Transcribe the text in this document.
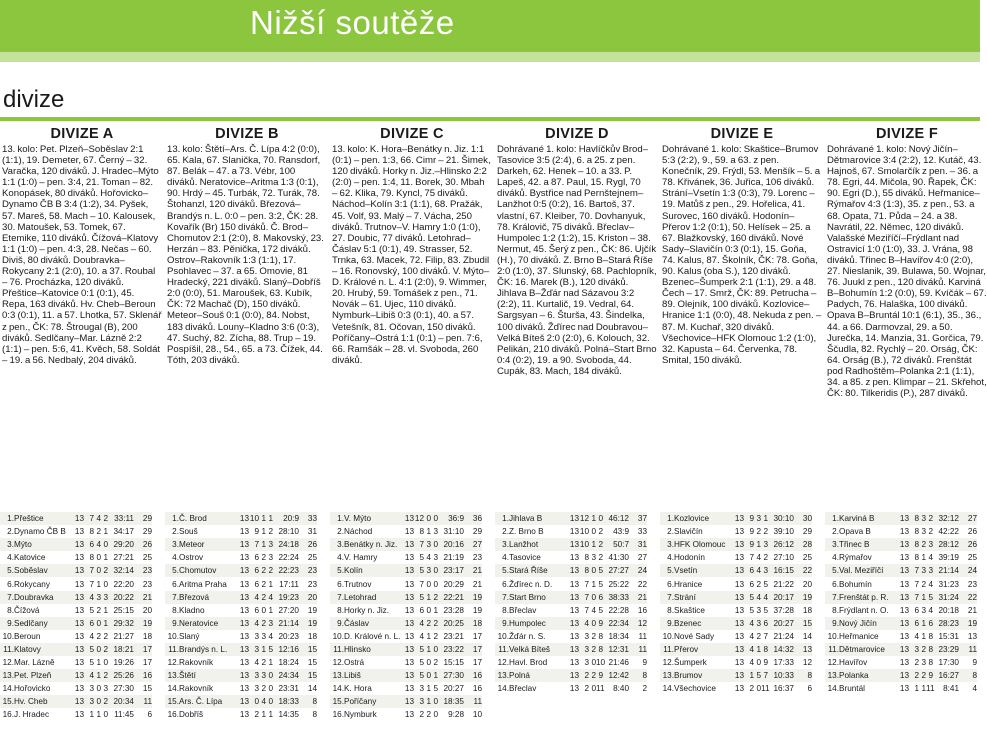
Nižší soutěže
divize
DIVIZE A

13. kolo: Pet. Plzeň–Soběslav 2:1 (1:1), 19. Demeter, 67. Černý – 32. Varačka, 120 diváků. J. Hradec–Mýto 1:1 (1:0) – pen. 3:4, 21. Toman – 82. Konopásek, 80 diváků. Hořovicko–Dynamo ČB B 3:4 (1:2), 34. Pyšek, 57. Mareš, 58. Mach – 10. Kalousek, 30. Matoušek, 53. Tomek, 67. Etemike, 110 diváků. Čížová–Klatovy 1:1 (1:0) – pen. 4:3, 28. Nečas – 60. Diviš, 80 diváků. Doubravka–Rokycany 2:1 (2:0), 10. a 37. Roubal – 76. Procházka, 120 diváků. Přeštice–Katovice 0:1 (0:1), 45. Repa, 163 diváků. Hv. Cheb–Beroun 0:3 (0:1), 11. a 57. Lhotka, 57. Sklenář z pen., ČK: 78. Štrougal (B), 200 diváků. Sedlčany–Mar. Lázně 2:2 (1:1) – pen. 5:6, 41. Kvěch, 58. Soldát – 19. a 56. Nedbalý, 204 diváků.

DIVIZE B

13. kolo: Štětí–Ars. Č. Lípa 4:2 (0:0), 65. Kala, 67. Slanička, 70. Ransdorf, 87. Belák – 47. a 73. Vébr, 100 diváků. Neratovice–Aritma 1:3 (0:1), 90. Hrdý – 45. Turbák, 72. Turák, 78. Štohanzl, 120 diváků. Březová–Brandýs n. L. 0:0 – pen. 3:2, ČK: 28. Kovařík (Br) 150 diváků. Č. Brod–Chomutov 2:1 (2:0), 8. Makovský, 23. Herzán – 83. Pěnička, 172 diváků. Ostrov–Rakovník 1:3 (1:1), 17. Psohlavec – 37. a 65. Omovie, 81 Hradecký, 221 diváků. Slaný–Dobříš 2:0 (0:0), 51. Maroušek, 63. Kubík, ČK: 72 Machač (D), 150 diváků. Meteor–Souš 0:1 (0:0), 84. Nobst, 183 diváků. Louny–Kladno 3:6 (0:3), 47. Suchý, 82. Zícha, 88. Trup – 19. Pospíšil, 28., 54., 65. a 73. Čížek, 44. Tóth, 203 diváků.

DIVIZE C

13. kolo: K. Hora–Benátky n. Jiz. 1:1 (0:1) – pen. 1:3, 66. Cimr – 21. Šimek, 120 diváků. Horky n. Jiz.–Hlinsko 2:2 (2:0) – pen. 1:4, 11. Borek, 30. Mbah – 62. Klika, 79. Kyncl, 75 diváků. Náchod–Kolín 3:1 (1:1), 68. Pražák, 45. Volf, 93. Malý – 7. Vácha, 250 diváků. Trutnov–V. Hamry 1:0 (1:0), 27. Doubic, 77 diváků. Letohrad–Čáslav 5:1 (0:1), 49. Strasser, 52. Trnka, 63. Macek, 72. Filip, 83. Zbudil – 16. Ronovský, 100 diváků. V. Mýto–D. Králové n. L. 4:1 (2:0), 9. Wimmer, 20. Hrubý, 59. Tomášek z pen., 71. Novák – 61. Ujec, 110 diváků. Nymburk–Libiš 0:3 (0:1), 40. a 57. Vetešník, 81. Očovan, 150 diváků. Poříčany–Ostrá 1:1 (0:1) – pen. 7:6, 66. Ramšák – 28. vl. Svoboda, 260 diváků.

DIVIZE D

Dohrávané 1. kolo: Havlíčkův Brod–Tasovice 3:5 (2:4), 6. a 25. z pen. Darkeh, 62. Henek – 10. a 33. P. Lapeš, 42. a 87. Paul, 15. Rygl, 70 diváků. Bystřice nad Pernštejnem–Lanžhot 0:5 (0:2), 16. Bartoš, 37. vlastní, 67. Kleiber, 70. Dovhanyuk, 78. Královič, 75 diváků. Břeclav–Humpolec 1:2 (1:2), 15. Kriston – 38. Nermut, 45. Šerý z pen., ČK: 86. Ujčík (H.), 70 diváků. Z. Brno B–Stará Říše 2:0 (1:0), 37. Slunský, 68. Pachlopník, ČK: 16. Marek (B.), 120 diváků. Jihlava B–Žďár nad Sázavou 3:2 (2:2), 11. Kurtalič, 19. Vedral, 64. Sargsyan – 6. Šturša, 43. Šindelka, 100 diváků. Žďírec nad Doubravou–Velká Bíteš 2:0 (2:0), 6. Kolouch, 32. Pelikán, 210 diváků. Polná–Start Brno 0:4 (0:2), 19. a 90. Svoboda, 44. Cupák, 83. Mach, 184 diváků.

DIVIZE E

Dohrávané 1. kolo: Skaštice–Brumov 5:3 (2:2), 9., 59. a 63. z pen. Konečník, 29. Frýdl, 53. Menšík – 5. a 78. Křivánek, 36. Juřica, 106 diváků. Strání–Vsetín 1:3 (0:3), 79. Lorenc – 19. Matůš z pen., 29. Hořelica, 41. Surovec, 160 diváků. Hodonín–Přerov 1:2 (0:1), 50. Helísek – 25. a 67. Blažkovský, 160 diváků. Nové Sady–Slavičín 0:3 (0:1), 15. Goňa, 74. Kalus, 87. Školník, ČK: 78. Goňa, 90. Kalus (oba S.), 120 diváků. Bzenec–Šumperk 2:1 (1:1), 29. a 48. Čech – 17. Smrž, ČK: 89. Petrucha – 89. Olejník, 100 diváků. Kozlovice–Hranice 1:1 (0:0), 48. Nekuda z pen. – 87. M. Kuchař, 320 diváků. Všechovice–HFK Olomouc 1:2 (1:0), 32. Kapusta – 64. Červenka, 78. Smital, 150 diváků.

DIVIZE F

Dohrávané 1. kolo: Nový Jičín–Dětmarovice 3:4 (2:2), 12. Kutáč, 43. Hajnoš, 67. Smolarčík z pen. – 36. a 78. Egri, 44. Mičola, 90. Řapek, ČK: 90. Egri (D.), 55 diváků. Heřmanice–Rýmařov 4:3 (1:3), 35. z pen., 53. a 68. Opata, 71. Půda – 24. a 38. Navrátil, 22. Němec, 120 diváků. Valašské Meziříčí–Frýdlant nad Ostravicí 1:0 (1:0), 33. J. Vrána, 98 diváků. Třinec B–Havířov 4:0 (2:0), 27. Nieslanik, 39. Bulawa, 50. Wojnar, 76. Juukl z pen., 120 diváků. Karviná B–Bohumín 1:2 (0:0), 59. Kvíčák – 67. Padych, 76. Halaška, 100 diváků. Opava B–Bruntál 10:1 (6:1), 35., 36., 44. a 66. Darmovzal, 29. a 50. Jurečka, 14. Manzia, 31. Gorčica, 79. Ščudla, 82. Rychlý – 20. Orság, ČK: 64. Orság (B.), 72 diváků. Frenštát pod Radhoštěm–Polanka 2:1 (1:1), 34. a 85. z pen. Klimpar – 21. Skřehot, ČK: 80. Tilkeridis (P.), 287 diváků.

1.	Přeštice	13	7	4	2	33:11	29
2.	Dynamo ČB B	13	8	2	1	34:17	29
3.	Mýto	13	6	4	0	29:20	26
4.	Katovice	13	8	0	1	27:21	25
5.	Soběslav	13	7	0	2	32:14	23
6.	Rokycany	13	7	1	0	22:20	23
7.	Doubravka	13	4	3	3	20:22	21
8.	Čížová	13	5	2	1	25:15	20
9.	Sedlčany	13	6	0	1	29:32	19
10.	Beroun	13	4	2	2	21:27	18
11.	Klatovy	13	5	0	2	18:21	17
12.	Mar. Lázně	13	5	1	0	19:26	17
13.	Pet. Plzeň	13	4	1	2	25:26	16
14.	Hořovicko	13	3	0	3	27:30	15
15.	Hv. Cheb	13	3	0	2	20:34	11
16.	J. Hradec	13	1	1	0	11:45	6
1.	Č. Brod	13	10	1	1	20:9	33
2.	Souš	13	9	1	2	28:10	31
3.	Meteor	13	7	1	3	24:18	26
4.	Ostrov	13	6	2	3	22:24	25
5.	Chomutov	13	6	2	2	22:23	23
6.	Aritma Praha	13	6	2	1	17:11	23
7.	Březová	13	4	2	4	19:23	20
8.	Kladno	13	6	0	1	27:20	19
9.	Neratovice	13	4	2	3	21:14	19
10.	Slaný	13	3	3	4	20:23	18
11.	Brandýs n. L.	13	3	1	5	12:16	15
12.	Rakovník	13	4	2	1	18:24	15
13.	Štětí	13	3	3	0	24:34	15
14.	Rakovník	13	3	2	0	23:31	14
15.	Ars. Č. Lípa	13	0	4	0	18:33	8
16.	Dobříš	13	2	1	1	14:35	8
1.	V. Mýto	13	12	0	0	36:9	36
2.	Náchod	13	8	1	3	31:10	29
3.	Benátky n. Jiz.	13	7	3	0	20:16	27
4.	V. Hamry	13	5	4	3	21:19	23
5.	Kolín	13	5	3	0	23:17	21
6.	Trutnov	13	7	0	0	20:29	21
7.	Letohrad	13	5	1	2	22:21	19
8.	Horky n. Jiz.	13	6	0	1	23:28	19
9.	Čáslav	13	4	2	2	20:25	18
10.	D. Králové n. L.	13	4	1	2	23:21	17
11.	Hlinsko	13	5	1	0	23:22	17
12.	Ostrá	13	5	0	2	15:15	17
13.	Libiš	13	5	0	1	27:30	16
14.	K. Hora	13	3	1	5	20:27	16
15.	Poříčany	13	3	1	0	18:35	11
16.	Nymburk	13	2	2	0	9:28	10
1.	Jihlava B	13	12	1	0	46:12	37
2.	Z. Brno B	13	10	0	2	43:9	33
3.	Lanžhot	13	10	1	2	50:7	31
4.	Tasovice	13	8	3	2	41:30	27
5.	Stará Říše	13	8	0	5	27:27	24
6.	Žďírec n. D.	13	7	1	5	25:22	22
7.	Start Brno	13	7	0	6	38:33	21
8.	Břeclav	13	7	4	5	22:28	16
9.	Humpolec	13	4	0	9	22:34	12
10.	Žďár n. S.	13	3	2	8	18:34	11
11.	Velká Bíteš	13	3	2	8	12:31	11
12.	Havl. Brod	13	3	0	10	21:46	9
13.	Polná	13	2	2	9	12:42	8
14.	Břeclav	13	2	0	11	8:40	2
1.	Kozlovice	13	9	3	1	30:10	30
2.	Slavičín	13	9	2	2	39:10	29
3.	HFK Olomouc	13	9	1	3	26:12	28
4.	Hodonín	13	7	4	2	27:10	25
5.	Vsetín	13	6	4	3	16:15	22
6.	Hranice	13	6	2	5	21:22	20
7.	Strání	13	5	4	4	20:17	19
8.	Skaštice	13	5	3	5	37:28	18
9.	Bzenec	13	4	3	6	20:27	15
10.	Nové Sady	13	4	2	7	21:24	14
11.	Přerov	13	4	1	8	14:32	13
12.	Šumperk	13	4	0	9	17:33	12
13.	Brumov	13	1	5	7	10:33	8
14.	Všechovice	13	2	0	11	16:37	6
1.	Karviná B	13	8	3	2	32:12	27
2.	Opava B	13	8	3	2	42:22	26
3.	Třinec B	13	8	2	3	28:12	26
4.	Rýmařov	13	8	1	4	39:19	25
5.	Val. Meziříčí	13	7	3	3	21:14	24
6.	Bohumín	13	7	2	4	31:23	23
7.	Frenštát p. R.	13	7	1	5	31:24	22
8.	Frýdlant n. O.	13	6	3	4	20:18	21
9.	Nový Jičín	13	6	1	6	28:23	19
10.	Heřmanice	13	4	1	8	15:31	13
11.	Dětmarovice	13	3	2	8	23:29	11
12.	Havířov	13	2	3	8	17:30	9
13.	Polanka	13	2	2	9	16:27	8
14.	Bruntál	13	1	1	11	8:41	4
